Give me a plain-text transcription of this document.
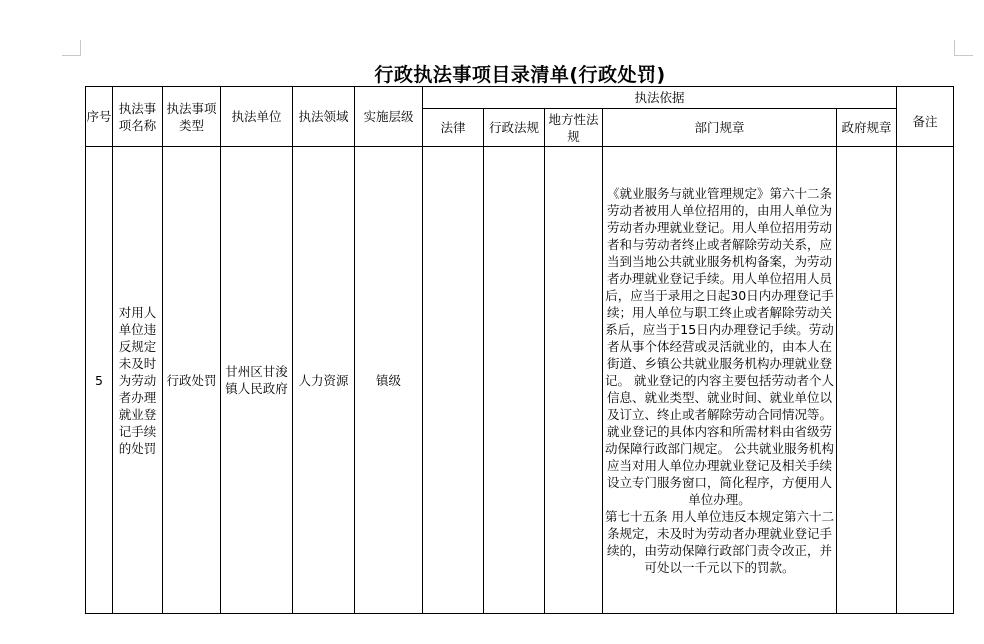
行政执法事项目录清单(行政处罚)
序号	执法事项名称	执法事项类型	执法单位	执法领域	实施层级	执法依据					备注
						法律	行政法规	地方性法规	部门规章	政府规章	
5	对用人单位违反规定未及时为劳动者办理就业登记手续的处罚	行政处罚	甘州区甘浚镇人民政府	人力资源	镇级				《就业服务与就业管理规定》第六十二条 劳动者被用人单位招用的，由用人单位为劳动者办理就业登记。用人单位招用劳动者和与劳动者终止或者解除劳动关系，应当到当地公共就业服务机构备案，为劳动者办理就业登记手续。用人单位招用人员后，应当于录用之日起30日内办理登记手续；用人单位与职工终止或者解除劳动关系后，应当于15日内办理登记手续。劳动者从事个体经营或灵活就业的，由本人在街道、乡镇公共就业服务机构办理就业登记。 就业登记的内容主要包括劳动者个人信息、就业类型、就业时间、就业单位以及订立、终止或者解除劳动合同情况等。就业登记的具体内容和所需材料由省级劳动保障行政部门规定。 公共就业服务机构应当对用人单位办理就业登记及相关手续设立专门服务窗口，简化程序，方便用人单位办理。

第七十五条 用人单位违反本规定第六十二条规定，未及时为劳动者办理就业登记手续的，由劳动保障行政部门责令改正，并可处以一千元以下的罚款。		
